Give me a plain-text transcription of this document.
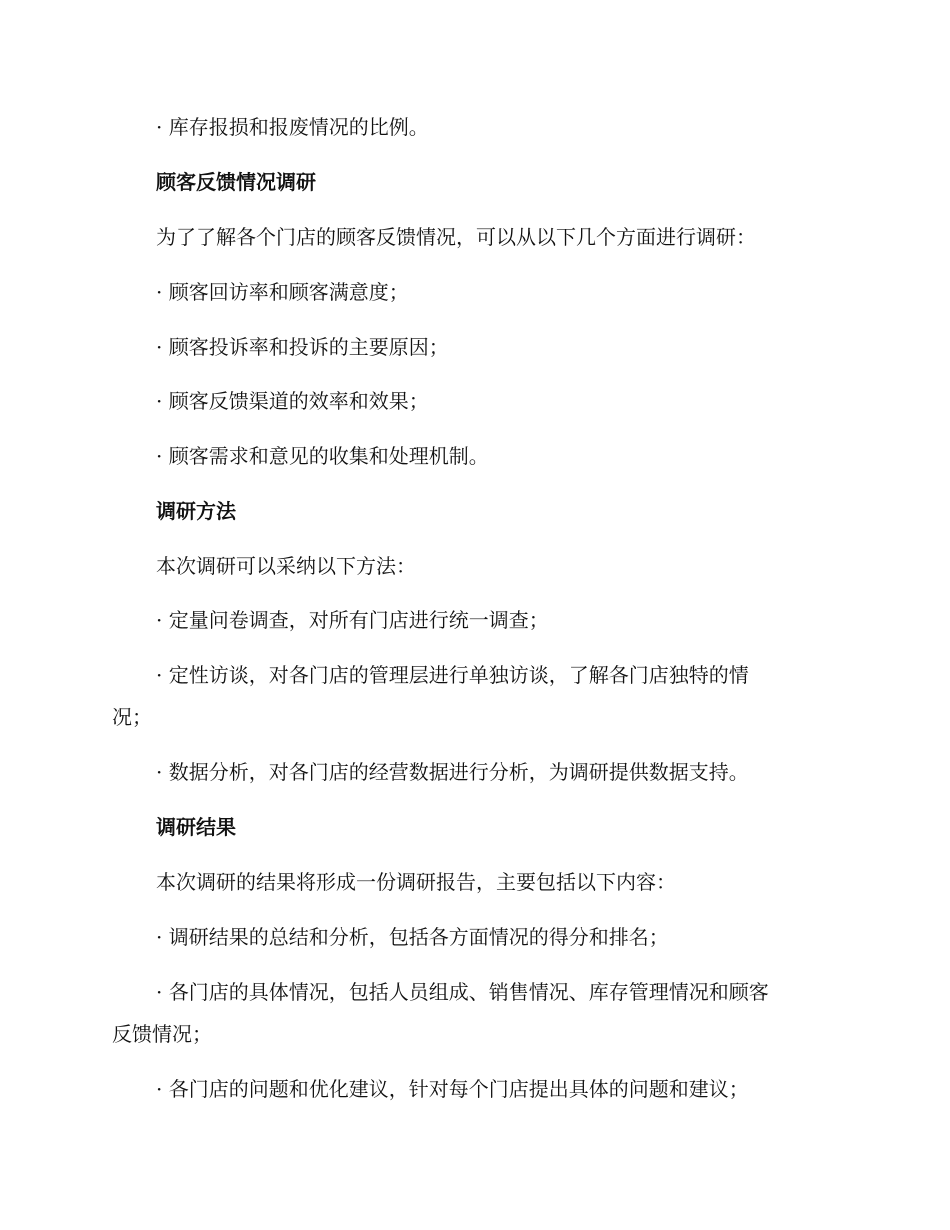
· 库存报损和报废情况的比例。
顾客反馈情况调研
为了了解各个门店的顾客反馈情况，可以从以下几个方面进行调研：
· 顾客回访率和顾客满意度；
· 顾客投诉率和投诉的主要原因；
· 顾客反馈渠道的效率和效果；
· 顾客需求和意见的收集和处理机制。
调研方法
本次调研可以采纳以下方法：
· 定量问卷调查，对所有门店进行统一调查；
· 定性访谈，对各门店的管理层进行单独访谈，了解各门店独特的情
况；
· 数据分析，对各门店的经营数据进行分析，为调研提供数据支持。
调研结果
本次调研的结果将形成一份调研报告，主要包括以下内容：
· 调研结果的总结和分析，包括各方面情况的得分和排名；
· 各门店的具体情况，包括人员组成、销售情况、库存管理情况和顾客
反馈情况；
· 各门店的问题和优化建议，针对每个门店提出具体的问题和建议；
